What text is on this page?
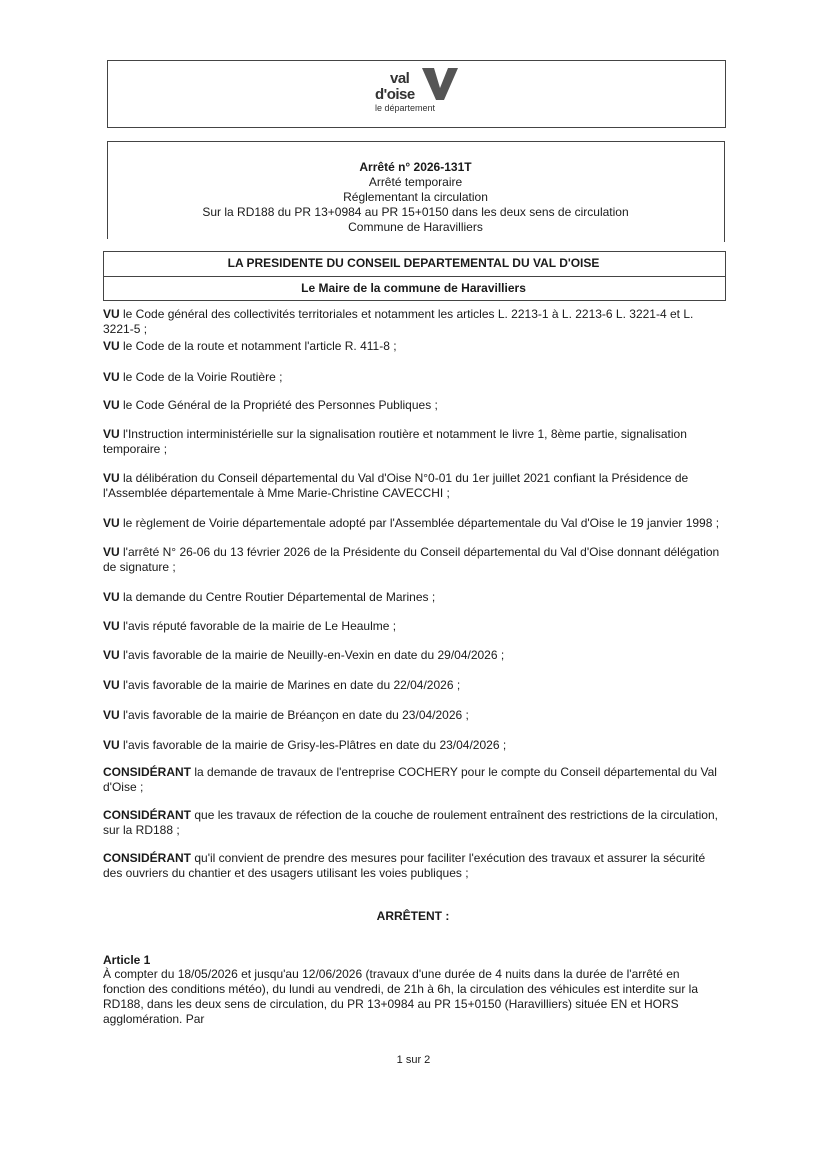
val
d'oise
le département
Arrêté n° 2026-131T
Arrêté temporaire
Réglementant la circulation
Sur la RD188 du PR 13+0984 au PR 15+0150 dans les deux sens de circulation
Commune de Haravilliers
LA PRESIDENTE DU CONSEIL DEPARTEMENTAL DU VAL D'OISE
Le Maire de la commune de Haravilliers
VU le Code général des collectivités territoriales et notamment les articles L. 2213-1 à L. 2213-6 L. 3221-4 et L. 3221-5 ;
VU le Code de la route et notamment l'article R. 411-8 ;
VU le Code de la Voirie Routière ;
VU le Code Général de la Propriété des Personnes Publiques ;
VU l'Instruction interministérielle sur la signalisation routière et notamment le livre 1, 8ème partie, signalisation temporaire ;
VU la délibération du Conseil départemental du Val d'Oise N°0-01 du 1er juillet 2021 confiant la Présidence de l'Assemblée départementale à Mme Marie-Christine CAVECCHI ;
VU le règlement de Voirie départementale adopté par l'Assemblée départementale du Val d'Oise le 19 janvier 1998 ;
VU l'arrêté N° 26-06 du 13 février 2026 de la Présidente du Conseil départemental du Val d'Oise donnant délégation de signature ;
VU la demande du Centre Routier Départemental de Marines ;
VU l'avis réputé favorable de la mairie de Le Heaulme ;
VU l'avis favorable de la mairie de Neuilly-en-Vexin en date du 29/04/2026 ;
VU l'avis favorable de la mairie de Marines en date du 22/04/2026 ;
VU l'avis favorable de la mairie de Bréançon en date du 23/04/2026 ;
VU l'avis favorable de la mairie de Grisy-les-Plâtres en date du 23/04/2026 ;
CONSIDÉRANT la demande de travaux de l'entreprise COCHERY pour le compte du Conseil départemental du Val d'Oise ;
CONSIDÉRANT que les travaux de réfection de la couche de roulement entraînent des restrictions de la circulation, sur la RD188 ;
CONSIDÉRANT qu'il convient de prendre des mesures pour faciliter l'exécution des travaux et assurer la sécurité des ouvriers du chantier et des usagers utilisant les voies publiques ;
ARRÊTENT :
Article 1
À compter du 18/05/2026 et jusqu'au 12/06/2026 (travaux d'une durée de 4 nuits dans la durée de l'arrêté en fonction des conditions météo), du lundi au vendredi, de 21h à 6h, la circulation des véhicules est interdite sur la RD188, dans les deux sens de circulation, du PR 13+0984 au PR 15+0150 (Haravilliers) située EN et HORS agglomération. Par
1 sur 2
